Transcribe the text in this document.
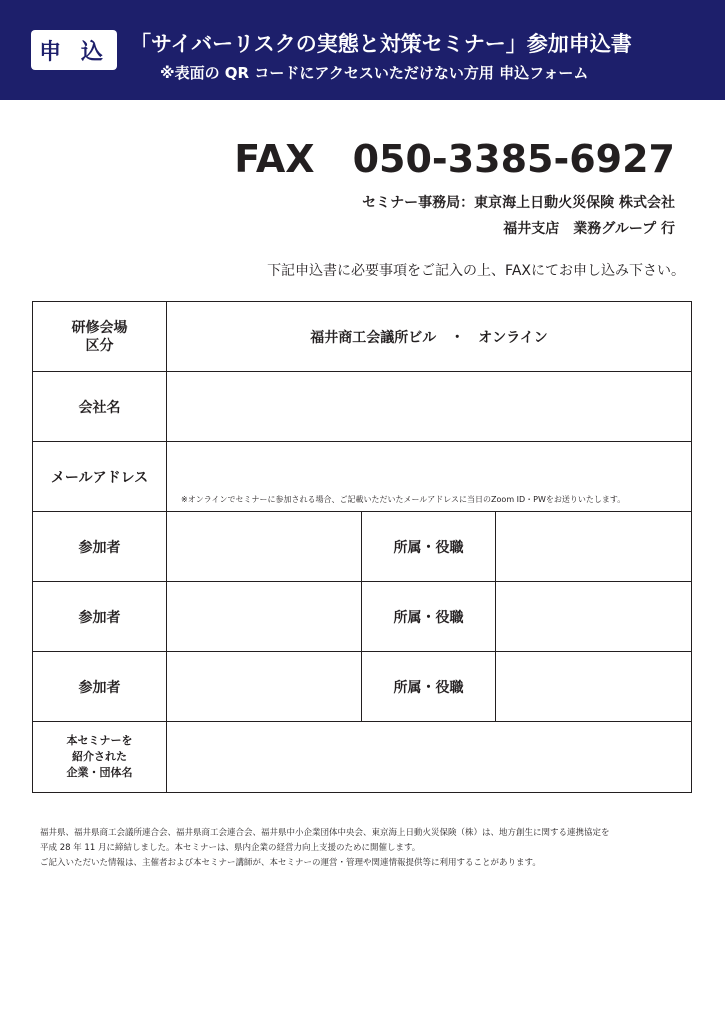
申 込	「サイバーリスクの実態と対策セミナー」参加申込書
※表面の QR コードにアクセスいただけない方用 申込フォーム
FAX　050-3385-6927
セミナー事務局：東京海上日動火災保険 株式会社
福井支店　業務グループ 行
下記申込書に必要事項をご記入の上、FAXにてお申し込み下さい。
研修会場
区分	福井商工会議所ビル　・　オンライン		
会社名			
メールアドレス	※オンラインでセミナーに参加される場合、ご記載いただいたメールアドレスに当日のZoom ID・PWをお送りいたします。		

参加者		所属・役職	
参加者		所属・役職	
参加者		所属・役職	

本セミナーを
紹介された
企業・団体名			

福井県、福井県商工会議所連合会、福井県商工会連合会、福井県中小企業団体中央会、東京海上日動火災保険（株）は、地方創生に関する連携協定を
平成 28 年 11 月に締結しました。本セミナーは、県内企業の経営力向上支援のために開催します。
ご記入いただいた情報は、主催者および本セミナー講師が、本セミナーの運営・管理や関連情報提供等に利用することがあります。
